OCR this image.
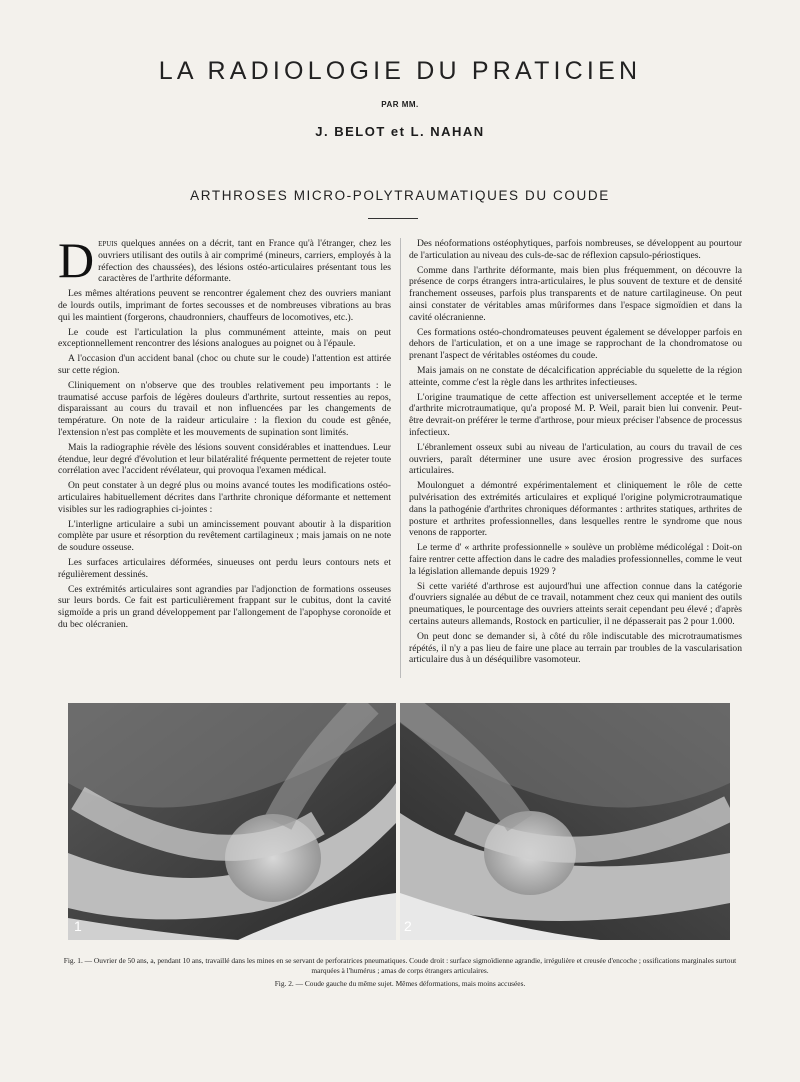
LA RADIOLOGIE DU PRATICIEN
PAR MM.
J. BELOT et L. NAHAN
ARTHROSES MICRO-POLYTRAUMATIQUES DU COUDE

Depuis quelques années on a décrit, tant en France qu'à l'étranger, chez les ouvriers utilisant des outils à air comprimé (mineurs, carriers, employés à la réfection des chaussées), des lésions ostéo-articulaires présentant tous les caractères de l'arthrite déformante.

Les mêmes altérations peuvent se rencontrer également chez des ouvriers maniant de lourds outils, imprimant de fortes secousses et de nombreuses vibrations au bras qui les maintient (forgerons, chaudronniers, chauffeurs de locomotives, etc.).

Le coude est l'articulation la plus communément atteinte, mais on peut exceptionnellement rencontrer des lésions analogues au poignet ou à l'épaule.

A l'occasion d'un accident banal (choc ou chute sur le coude) l'attention est attirée sur cette région.

Cliniquement on n'observe que des troubles relativement peu importants : le traumatisé accuse parfois de légères douleurs d'arthrite, surtout ressenties au repos, disparaissant au cours du travail et non influencées par les changements de température. On note de la raideur articulaire : la flexion du coude est gênée, l'extension n'est pas complète et les mouvements de supination sont limités.

Mais la radiographie révèle des lésions souvent considérables et inattendues. Leur étendue, leur degré d'évolution et leur bilatéralité fréquente permettent de rejeter toute corrélation avec l'accident révélateur, qui provoqua l'examen médical.

On peut constater à un degré plus ou moins avancé toutes les modifications ostéo-articulaires habituellement décrites dans l'arthrite chronique déformante et nettement visibles sur les radiographies ci-jointes :

L'interligne articulaire a subi un amincissement pouvant aboutir à la disparition complète par usure et résorption du revêtement cartilagineux ; mais jamais on ne note de soudure osseuse.

Les surfaces articulaires déformées, sinueuses ont perdu leurs contours nets et régulièrement dessinés.

Ces extrémités articulaires sont agrandies par l'adjonction de formations osseuses sur leurs bords. Ce fait est particulièrement frappant sur le cubitus, dont la cavité sigmoïde a pris un grand développement par l'allongement de l'apophyse coronoïde et du bec olécranien.

Des néoformations ostéophytiques, parfois nombreuses, se développent au pourtour de l'articulation au niveau des culs-de-sac de réflexion capsulo-périostiques.

Comme dans l'arthrite déformante, mais bien plus fréquemment, on découvre la présence de corps étrangers intra-articulaires, le plus souvent de texture et de densité franchement osseuses, parfois plus transparents et de nature cartilagineuse. On peut ainsi constater de véritables amas mûriformes dans l'espace sigmoïdien et dans la cavité olécranienne.

Ces formations ostéo-chondromateuses peuvent également se développer parfois en dehors de l'articulation, et on a une image se rapprochant de la chondromatose ou prenant l'aspect de véritables ostéomes du coude.

Mais jamais on ne constate de décalcification appréciable du squelette de la région atteinte, comme c'est la règle dans les arthrites infectieuses.

L'origine traumatique de cette affection est universellement acceptée et le terme d'arthrite microtraumatique, qu'a proposé M. P. Weil, parait bien lui convenir. Peut-être devrait-on préférer le terme d'arthrose, pour mieux préciser l'absence de processus infectieux.

L'ébranlement osseux subi au niveau de l'articulation, au cours du travail de ces ouvriers, paraît déterminer une usure avec érosion progressive des surfaces articulaires.

Moulonguet a démontré expérimentalement et cliniquement le rôle de cette pulvérisation des extrémités articulaires et expliqué l'origine polymicrotraumatique dans la pathogénie d'arthrites chroniques déformantes : arthrites statiques, arthrites de posture et arthrites professionnelles, dans lesquelles rentre le syndrome que nous venons de rapporter.

Le terme d' « arthrite professionnelle » soulève un problème médicolégal : Doit-on faire rentrer cette affection dans le cadre des maladies professionnelles, comme le veut la législation allemande depuis 1929 ?

Si cette variété d'arthrose est aujourd'hui une affection connue dans la catégorie d'ouvriers signalée au début de ce travail, notamment chez ceux qui manient des outils pneumatiques, le pourcentage des ouvriers atteints serait cependant peu élevé ; d'après certains auteurs allemands, Rostock en particulier, il ne dépasserait pas 2 pour 1.000.

On peut donc se demander si, à côté du rôle indiscutable des microtraumatismes répétés, il n'y a pas lieu de faire une place au terrain par troubles de la vascularisation articulaire dus à un déséquilibre vasomoteur.

1	2
Fig. 1. — Ouvrier de 50 ans, a, pendant 10 ans, travaillé dans les mines en se servant de perforatrices pneumatiques. Coude droit : surface sigmoïdienne agrandie, irrégulière et creusée d'encoche ; ossifications marginales surtout marquées à l'humérus ; amas de corps étrangers articulaires.
Fig. 2. — Coude gauche du même sujet. Mêmes déformations, mais moins accusées.
